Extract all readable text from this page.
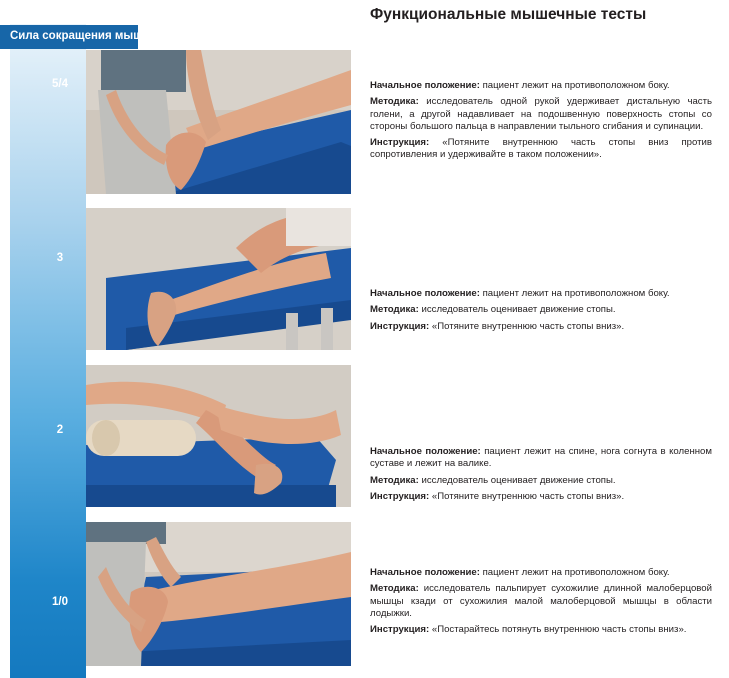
Функциональные мышечные тесты
Сила сокращения мышц
5/4
3
2
1/0

Начальное положение: пациент лежит на противоположном боку.

Методика: исследователь одной рукой удерживает дистальную часть голени, а другой надавливает на подошвенную поверхность стопы со стороны большого пальца в направлении тыльного сгибания и супинации.

Инструкция: «Потяните внутреннюю часть стопы вниз против сопротивления и удерживайте в таком положении».

Начальное положение: пациент лежит на противоположном боку.

Методика: исследователь оценивает движение стопы.

Инструкция: «Потяните внутреннюю часть стопы вниз».

Начальное положение: пациент лежит на спине, нога согнута в коленном суставе и лежит на валике.

Методика: исследователь оценивает движение стопы.

Инструкция: «Потяните внутреннюю часть стопы вниз».

Начальное положение: пациент лежит на противоположном боку.

Методика: исследователь пальпирует сухожилие длинной малоберцовой мышцы кзади от сухожилия малой малоберцовой мышцы в области лодыжки.

Инструкция: «Постарайтесь потянуть внутреннюю часть стопы вниз».
